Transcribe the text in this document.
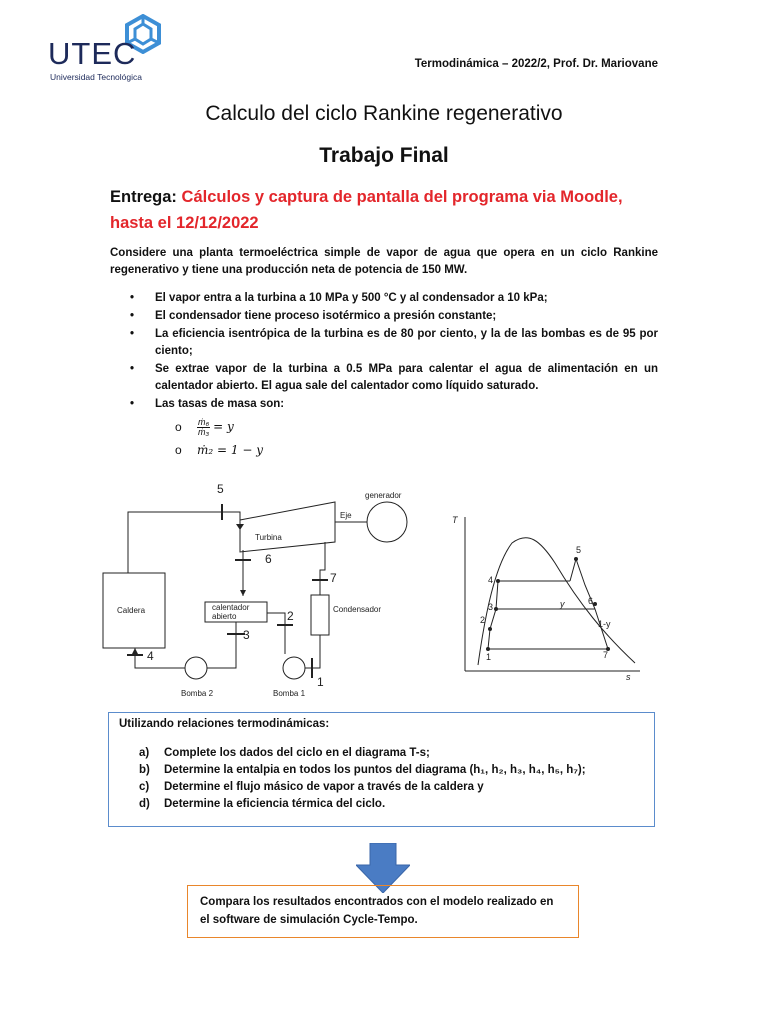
UTEC
Universidad Tecnológica
Termodinámica – 2022/2, Prof. Dr. Mariovane
Calculo del ciclo Rankine regenerativo
Trabajo Final
Entrega: Cálculos y captura de pantalla del programa via Moodle, hasta el 12/12/2022
Considere una planta termoeléctrica simple de vapor de agua que opera en un ciclo Rankine regenerativo y tiene una producción neta de potencia de 150 MW.
• El vapor entra a la turbina a 10 MPa y 500 °C y al condensador a 10 kPa;
• El condensador tiene proceso isotérmico a presión constante;
• La eficiencia isentrópica de la turbina es de 80 por ciento, y la de las bombas es de 95 por ciento;
• Se extrae vapor de la turbina a 0.5 MPa para calentar el agua de alimentación en un calentador abierto. El agua sale del calentador como líquido saturado.
• Las tasas de masa son:
o $\frac{\text{ṁ₆}}{\text{ṁ₃}} = y$
o ṁ₂ = 1 − y
Turbina
Eje
generador
Caldera	calentador
abierto
Condensador
Bomba 1
Bomba 2
5
6
7
2
3
4
1
T
s
1
2
3
4
5
6
7
y
1-y
Utilizando relaciones termodinámicas:
a) Complete los dados del ciclo en el diagrama T-s;
b) Determine la entalpia en todos los puntos del diagrama (h₁, h₂, h₃, h₄, h₅, h₇);
c) Determine el flujo másico de vapor a través de la caldera y
d) Determine la eficiencia térmica del ciclo.
Compara los resultados encontrados con el modelo realizado en el software de simulación Cycle-Tempo.
